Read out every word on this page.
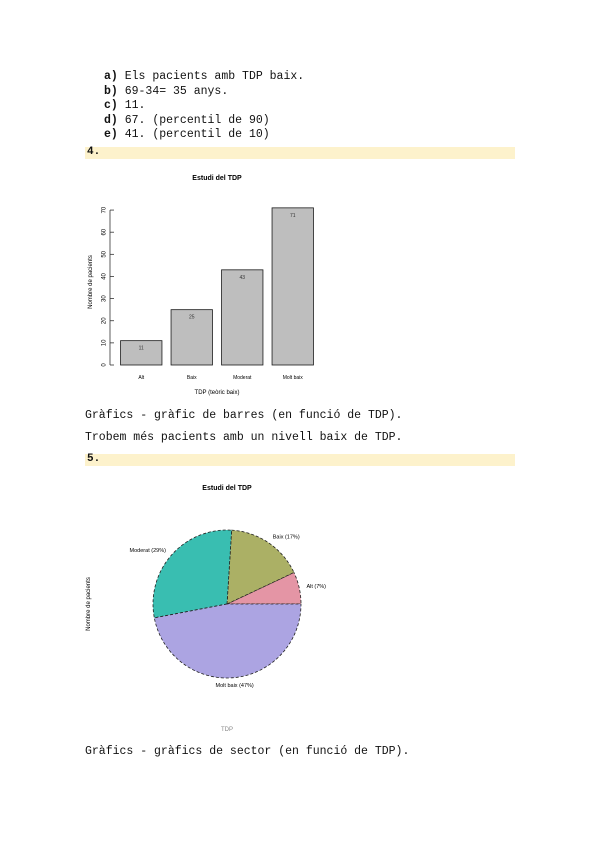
a) Els pacients amb TDP baix.
b) 69-34= 35 anys.
c) 11.
d) 67. (percentil de 90)
e) 41. (percentil de 10)
4.
Estudi del TDP
0
10
20
30
40
50
60
70
Nombre de pacients
11
Alt
25
Baix
43
Moderat
71
Molt baix
TDP (teòric baix)
Gràfics - gràfic de barres (en funció de TDP).
Trobem més pacients amb un nivell baix de TDP.
5.
Estudi del TDP
Nombre de pacients
TDP
Alt (7%)
Baix (17%)
Moderat (29%)
Molt baix (47%)
Gràfics - gràfics de sector (en funció de TDP).
